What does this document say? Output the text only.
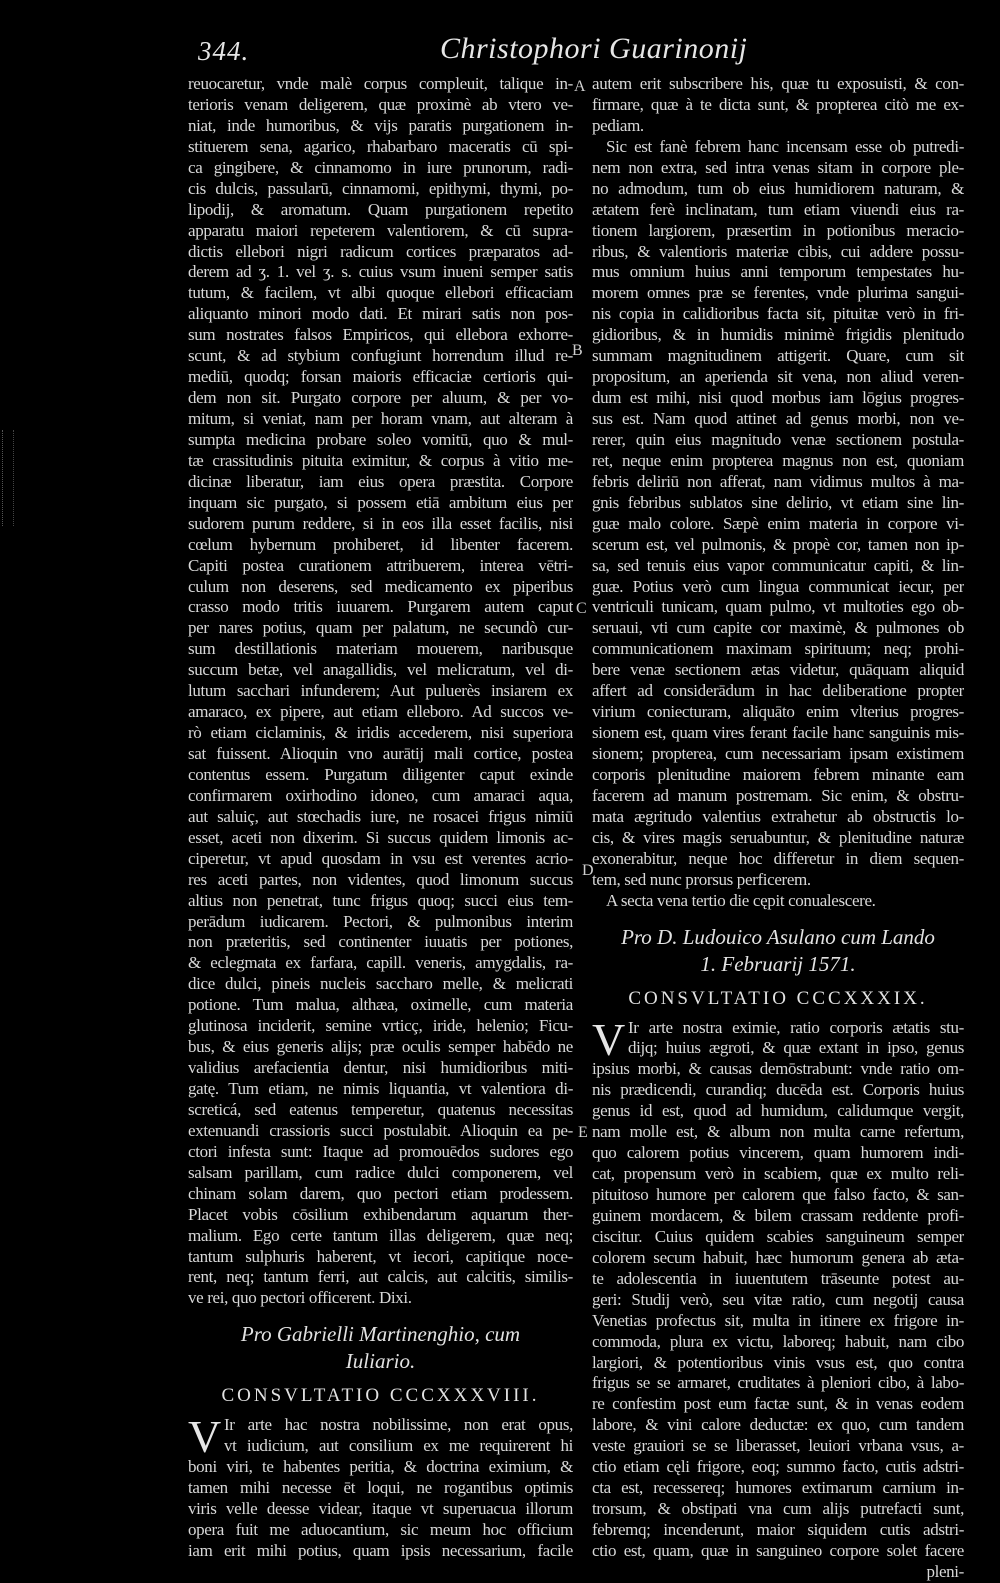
344.	Christophori Guarinonij
A
B
C
D
E
reuocaretur, vnde malè corpus compleuit, talique in-
terioris venam deligerem, quæ proximè ab vtero ve-
niat, inde humoribus, & vijs paratis purgationem in-
stituerem sena, agarico, rhabarbaro maceratis cū spi-
ca gingibere, & cinnamomo in iure prunorum, radi-
cis dulcis, passularū, cinnamomi, epithymi, thymi, po-
lipodij, & aromatum. Quam purgationem repetito
apparatu maiori repeterem valentiorem, & cū supra-
dictis ellebori nigri radicum cortices præparatos ad-
derem ad ʒ. 1. vel ʒ. s. cuius vsum inueni semper satis
tutum, & facilem, vt albi quoque ellebori efficaciam
aliquanto minori modo dati. Et mirari satis non pos-
sum nostrates falsos Empiricos, qui ellebora exhorre-
scunt, & ad stybium confugiunt horrendum illud re-
mediū, quodq; forsan maioris efficaciæ certioris qui-
dem non sit. Purgato corpore per aluum, & per vo-
mitum, si veniat, nam per horam vnam, aut alteram à
sumpta medicina probare soleo vomitū, quo & mul-
tæ crassitudinis pituita eximitur, & corpus à vitio me-
dicinæ liberatur, iam eius opera præstita. Corpore
inquam sic purgato, si possem etiā ambitum eius per
sudorem purum reddere, si in eos illa esset facilis, nisi
cœlum hybernum prohiberet, id libenter facerem.
Capiti postea curationem attribuerem, interea vētri-
culum non deserens, sed medicamento ex piperibus
crasso modo tritis iuuarem. Purgarem autem caput
per nares potius, quam per palatum, ne secundò cur-
sum destillationis materiam mouerem, naribusque
succum betæ, vel anagallidis, vel melicratum, vel di-
lutum sacchari infunderem; Aut puluerès insiarem ex
amaraco, ex pipere, aut etiam elleboro. Ad succos ve-
rò etiam ciclaminis, & iridis accederem, nisi superiora
sat fuissent. Alioquin vno aurātij mali cortice, postea
contentus essem. Purgatum diligenter caput exinde
confirmarem oxirhodino idoneo, cum amaraci aqua,
aut saluiç, aut stœchadis iure, ne rosacei frigus nimiū
esset, aceti non dixerim. Si succus quidem limonis ac-
ciperetur, vt apud quosdam in vsu est verentes acrio-
res aceti partes, non videntes, quod limonum succus
altius non penetrat, tunc frigus quoq; succi eius tem-
perādum iudicarem. Pectori, & pulmonibus interim
non præteritis, sed continenter iuuatis per potiones,
& eclegmata ex farfara, capill. veneris, amygdalis, ra-
dice dulci, pineis nucleis saccharo melle, & melicrati
potione. Tum malua, althæa, oximelle, cum materia
glutinosa inciderit, semine vrticç, iride, helenio; Ficu-
bus, & eius generis alijs; præ oculis semper habēdo ne
validius arefacientia dentur, nisi humidioribus miti-
gatę. Tum etiam, ne nimis liquantia, vt valentiora di-
screticá, sed eatenus temperetur, quatenus necessitas
extenuandi crassioris succi postulabit. Alioquin ea pe-
ctori infesta sunt: Itaque ad promouēdos sudores ego
salsam parillam, cum radice dulci componerem, vel
chinam solam darem, quo pectori etiam prodessem.
Placet vobis cōsilium exhibendarum aquarum ther-
malium. Ego certe tantum illas deligerem, quæ neq;
tantum sulphuris haberent, vt iecori, capitique noce-
rent, neq; tantum ferri, aut calcis, aut calcitis, similis-
ve rei, quo pectori officerent. Dixi.
Pro Gabrielli Martinenghio, cum
Iuliario.
CONSVLTATIO CCCXXXVIII.
V Ir arte hac nostra nobilissime, non erat opus,
vt iudicium, aut consilium ex me requirerent hi
boni viri, te habentes peritia, & doctrina eximium, &
tamen mihi necesse ēt loqui, ne rogantibus optimis
viris velle deesse videar, itaque vt superuacua illorum
opera fuit me aduocantium, sic meum hoc officium
iam erit mihi potius, quam ipsis necessarium, facile
autem erit subscribere his, quæ tu exposuisti, & con-
firmare, quæ à te dicta sunt, & propterea citò me ex-
pediam.
Sic est fanè febrem hanc incensam esse ob putredi-
nem non extra, sed intra venas sitam in corpore ple-
no admodum, tum ob eius humidiorem naturam, &
ætatem ferè inclinatam, tum etiam viuendi eius ra-
tionem largiorem, præsertim in potionibus meracio-
ribus, & valentioris materiæ cibis, cui addere possu-
mus omnium huius anni temporum tempestates hu-
morem omnes præ se ferentes, vnde plurima sangui-
nis copia in calidioribus facta sit, pituitæ verò in fri-
gidioribus, & in humidis minimè frigidis plenitudo
summam magnitudinem attigerit. Quare, cum sit
propositum, an aperienda sit vena, non aliud veren-
dum est mihi, nisi quod morbus iam lōgius progres-
sus est. Nam quod attinet ad genus morbi, non ve-
rerer, quin eius magnitudo venæ sectionem postula-
ret, neque enim propterea magnus non est, quoniam
febris deliriū non afferat, nam vidimus multos à ma-
gnis febribus sublatos sine delirio, vt etiam sine lin-
guæ malo colore. Sæpè enim materia in corpore vi-
scerum est, vel pulmonis, & propè cor, tamen non ip-
sa, sed tenuis eius vapor communicatur capiti, & lin-
guæ. Potius verò cum lingua communicat iecur, per
ventriculi tunicam, quam pulmo, vt multoties ego ob-
seruaui, vti cum capite cor maximè, & pulmones ob
communicationem maximam spirituum; neq; prohi-
bere venæ sectionem ætas videtur, quāquam aliquid
affert ad considerādum in hac deliberatione propter
virium coniecturam, aliquāto enim vlterius progres-
sionem est, quam vires ferant facile hanc sanguinis mis-
sionem; propterea, cum necessariam ipsam existimem
corporis plenitudine maiorem febrem minante eam
facerem ad manum postremam. Sic enim, & obstru-
mata ægritudo valentius extrahetur ab obstructis lo-
cis, & vires magis seruabuntur, & plenitudine naturæ
exonerabitur, neque hoc differetur in diem sequen-
tem, sed nunc prorsus perficerem.
A secta vena tertio die cępit conualescere.
Pro D. Ludouico Asulano cum Lando
1. Februarij 1571.
CONSVLTATIO CCCXXXIX.
V Ir arte nostra eximie, ratio corporis ætatis stu-
dijq; huius ægroti, & quæ extant in ipso, genus
ipsius morbi, & causas demōstrabunt: vnde ratio om-
nis prædicendi, curandiq; ducēda est. Corporis huius
genus id est, quod ad humidum, calidumque vergit,
nam molle est, & album non multa carne refertum,
quo calorem potius vincerem, quam humorem indi-
cat, propensum verò in scabiem, quæ ex multo reli-
pituitoso humore per calorem que falso facto, & san-
guinem mordacem, & bilem crassam reddente profi-
ciscitur. Cuius quidem scabies sanguineum semper
colorem secum habuit, hæc humorum genera ab æta-
te adolescentia in iuuentutem trāseunte potest au-
geri: Studij verò, seu vitæ ratio, cum negotij causa
Venetias profectus sit, multa in itinere ex frigore in-
commoda, plura ex victu, laboreq; habuit, nam cibo
largiori, & potentioribus vinis vsus est, quo contra
frigus se se armaret, cruditates à pleniori cibo, à labo-
re confestim post eum factæ sunt, & in venas eodem
labore, & vini calore deductæ: ex quo, cum tandem
veste grauiori se se liberasset, leuiori vrbana vsus, a-
ctio etiam cęli frigore, eoq; summo facto, cutis adstri-
cta est, recessereq; humores extimarum carnium in-
trorsum, & obstipati vna cum alijs putrefacti sunt,
febremq; incenderunt, maior siquidem cutis adstri-
ctio est, quam, quæ in sanguineo corpore solet facere
pleni-
